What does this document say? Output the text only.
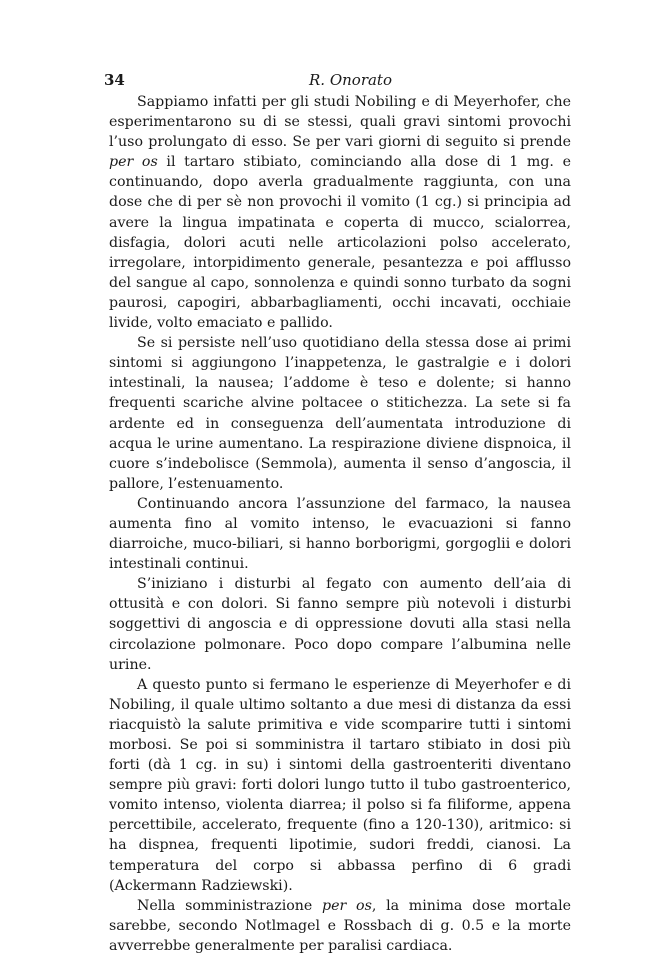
34	R. Onorato

Sappiamo infatti per gli studi Nobiling e di Meyerhofer, che esperimentarono su di se stessi, quali gravi sintomi provochi l’uso prolungato di esso. Se per vari giorni di seguito si prende per os il tartaro stibiato, cominciando alla dose di 1 mg. e continuando, dopo averla gradualmente raggiunta, con una dose che di per sè non provochi il vomito (1 cg.) si principia ad avere la lingua impatinata e coperta di mucco, scialorrea, disfagia, dolori acuti nelle articolazioni polso accelerato, irregolare, intorpidimento generale, pesantezza e poi afflusso del sangue al capo, sonnolenza e quindi sonno turbato da sogni paurosi, capogiri, abbarbagliamenti, occhi incavati, occhiaie livide, volto emaciato e pallido.

Se si persiste nell’uso quotidiano della stessa dose ai primi sintomi si aggiungono l’inappetenza, le gastralgie e i dolori intestinali, la nausea; l’addome è teso e dolente; si hanno frequenti scariche alvine poltacee o stitichezza. La sete si fa ardente ed in conseguenza dell’aumentata introduzione di acqua le urine aumentano. La respirazione diviene dispnoica, il cuore s’indebolisce (Semmola), aumenta il senso d’angoscia, il pallore, l’estenuamento.

Continuando ancora l’assunzione del farmaco, la nausea aumenta fino al vomito intenso, le evacuazioni si fanno diarroiche, muco-biliari, si hanno borborigmi, gorgoglii e dolori intestinali continui.

S’iniziano i disturbi al fegato con aumento dell’aia di ottusità e con dolori. Si fanno sempre più notevoli i disturbi soggettivi di angoscia e di oppressione dovuti alla stasi nella circolazione polmonare. Poco dopo compare l’albumina nelle urine.

A questo punto si fermano le esperienze di Meyerhofer e di Nobiling, il quale ultimo soltanto a due mesi di distanza da essi riacquistò la salute primitiva e vide scomparire tutti i sintomi morbosi. Se poi si somministra il tartaro stibiato in dosi più forti (dà 1 cg. in su) i sintomi della gastroenteriti diventano sempre più gravi: forti dolori lungo tutto il tubo gastroenterico, vomito intenso, violenta diarrea; il polso si fa filiforme, appena percettibile, accelerato, frequente (fino a 120-130), aritmico: si ha dispnea, frequenti lipotimie, sudori freddi, cianosi. La temperatura del corpo si abbassa perfino di 6 gradi (Ackermann Radziewski).

Nella somministrazione per os, la minima dose mortale sarebbe, secondo Notlmagel e Rossbach di g. 0.5 e la morte avverrebbe generalmente per paralisi cardiaca.
